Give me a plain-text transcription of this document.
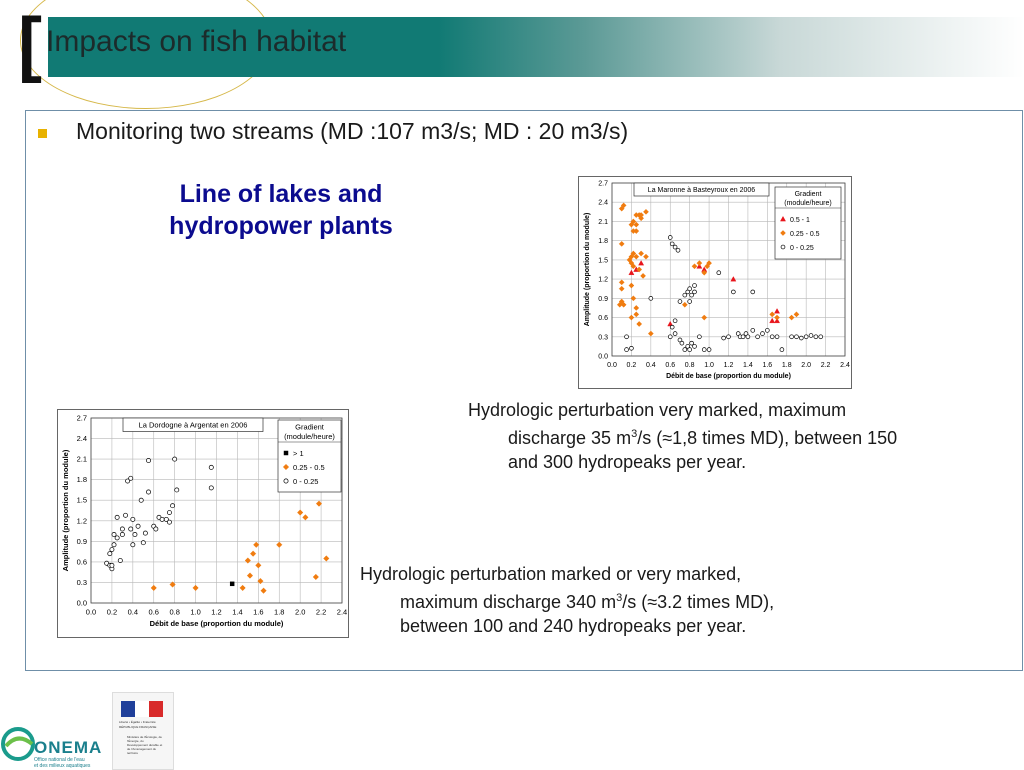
[ Impacts on fish habitat
Monitoring two streams (MD :107 m3/s; MD : 20 m3/s)
Line of lakes and
hydropower plants
0.0
0.3
0.6
0.9
1.2
1.5
1.8
2.1
2.4
2.7
0.0 0.2 0.4 0.6 0.8 1.0 1.2 1.4 1.6 1.8 2.0 2.2 2.4
Débit de base (proportion du module)
Amplitude (proportion du module)
La Maronne à Basteyroux en 2006
Gradient
(module/heure)
0.5 - 1
0.25 - 0.5
0 - 0.25
0.0
0.3
0.6
0.9
1.2
1.5
1.8
2.1
2.4
2.7
0.0 0.2 0.4 0.6 0.8 1.0 1.2 1.4 1.6 1.8 2.0 2.2 2.4
Débit de base (proportion du module)
Amplitude (proportion du module)
La Dordogne à Argentat en 2006	Gradient
(module/heure)
> 1
0.25 - 0.5
0 - 0.25
Hydrologic perturbation very marked, maximum
discharge 35 $m^3/s$ (≈1,8 times MD), between 150
and 300 hydropeaks per year.
Hydrologic perturbation marked or very marked,
maximum discharge 340 $m^3/s$ (≈3.2 times MD),
between 100 and 240 hydropeaks per year.
ONEMA
Office national de l'eau
et des milieux aquatiques
Liberté • Égalité • Fraternité
RÉPUBLIQUE FRANÇAISE
Ministère de l'Écologie, de l'Énergie, du Développement durable et de l'Aménagement du territoire
